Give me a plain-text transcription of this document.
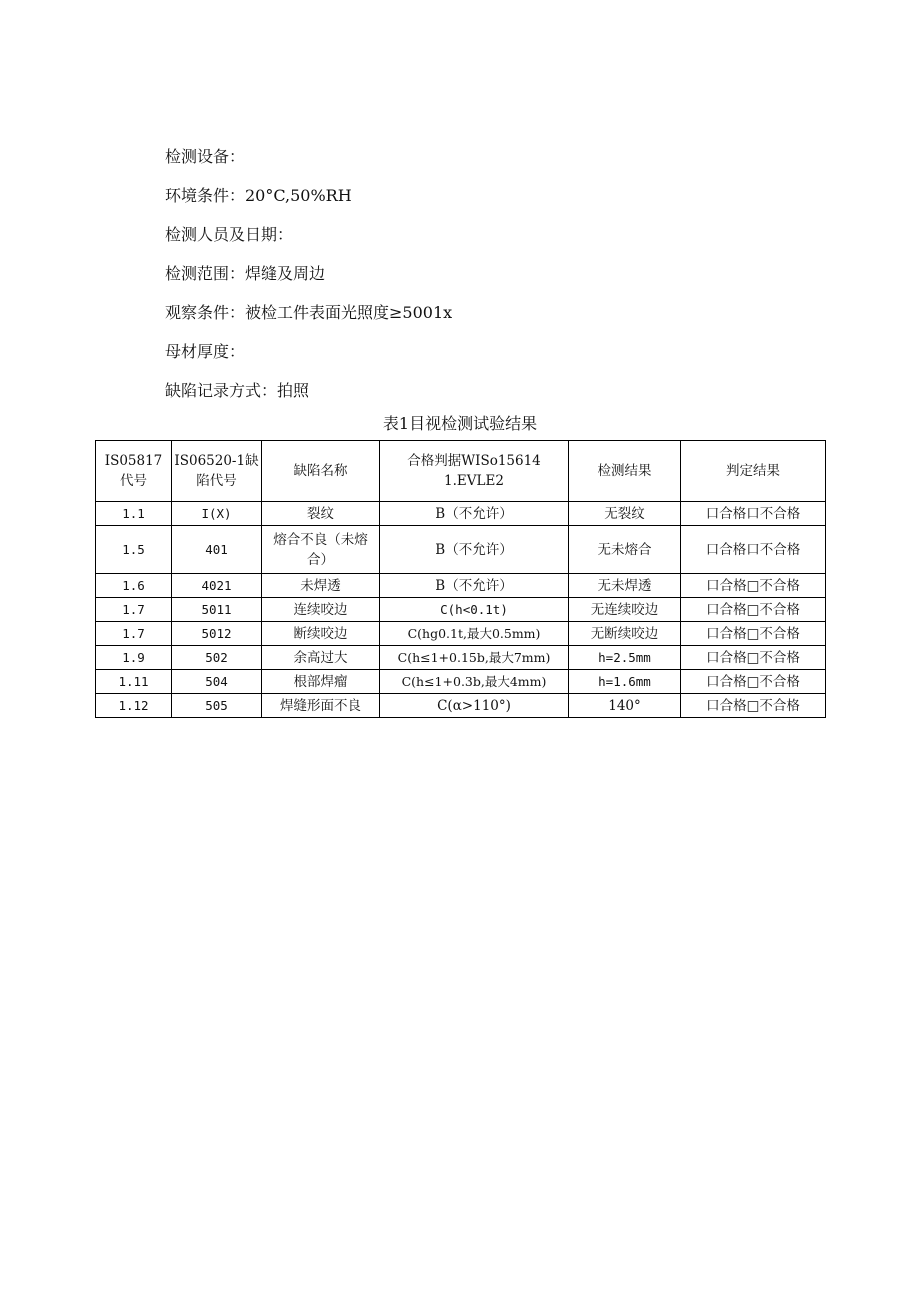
检测设备：
环境条件：20°C,50%RH
检测人员及日期：
检测范围：焊缝及周边
观察条件：被检工件表面光照度≥5001x
母材厚度：
缺陷记录方式：拍照
表1目视检测试验结果
IS05817代号	IS06520-1缺陷代号	缺陷名称	合格判据WISo15614 1.EVLE2	检测结果	判定结果
1.1	I(X)	裂纹	B（不允许）	无裂纹	口合格口不合格
1.5	401	熔合不良（未熔合）	B（不允许）	无未熔合	口合格口不合格
1.6	4021	未焊透	B（不允许）	无未焊透	口合格□不合格
1.7	5011	连续咬边	C(h<0.1t)	无连续咬边	口合格□不合格
1.7	5012	断续咬边	C(hg0.1t,最大0.5mm)	无断续咬边	口合格□不合格
1.9	502	余高过大	C(h≤1+0.15b,最大7mm)	h=2.5mm	口合格□不合格
1.11	504	根部焊瘤	C(h≤1+0.3b,最大4mm)	h=1.6mm	口合格□不合格
1.12	505	焊缝形面不良	C(α>110°)	140°	口合格□不合格
